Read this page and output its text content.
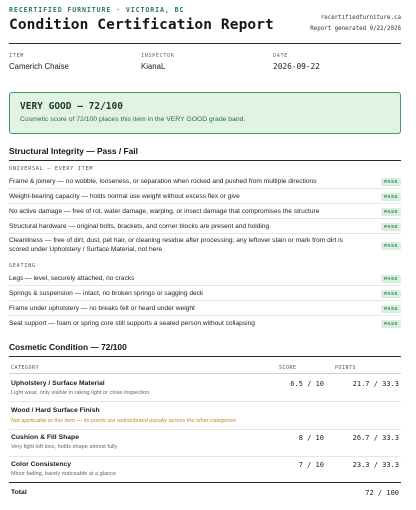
RECERTIFIED FURNITURE · VICTORIA, BC
Condition Certification Report	recertifiedfurniture.ca
Report generated 9/22/2026
ITEM
Camerich Chaise
INSPECTOR
KianaL
DATE
2026-09-22
VERY GOOD — 72/100
Cosmetic score of 72/100 places this item in the VERY GOOD grade band.
Structural Integrity — Pass / Fail
UNIVERSAL — EVERY ITEM
Frame & joinery — no wobble, looseness, or separation when rocked and pushed from multiple directions	PASS
Weight-bearing capacity — holds normal use weight without excess flex or give	PASS
No active damage — free of rot, water damage, warping, or insect damage that compromises the structure	PASS
Structural hardware — original bolts, brackets, and corner blocks are present and holding	PASS
Cleanliness — free of dirt, dust, pet hair, or cleaning residue after processing; any leftover stain or mark from dirt is scored under Upholstery / Surface Material, not here
PASS
SEATING
Legs — level, securely attached, no cracks	PASS
Springs & suspension — intact, no broken springs or sagging deck	PASS
Frame under upholstery — no breaks felt or heard under weight	PASS
Seat support — foam or spring core still supports a seated person without collapsing	PASS
Cosmetic Condition — 72/100
CATEGORY	SCORE	POINTS
Upholstery / Surface Material
Light wear, only visible in raking light or close inspection
6.5 / 10	21.7 / 33.3
Wood / Hard Surface Finish
Not applicable to this item — its points are redistributed equally across the other categories
Cushion & Fill Shape
Very light loft loss, holds shape almost fully
8 / 10	26.7 / 33.3
Color Consistency
Minor fading, barely noticeable at a glance
7 / 10	23.3 / 33.3
Total	72 / 100
